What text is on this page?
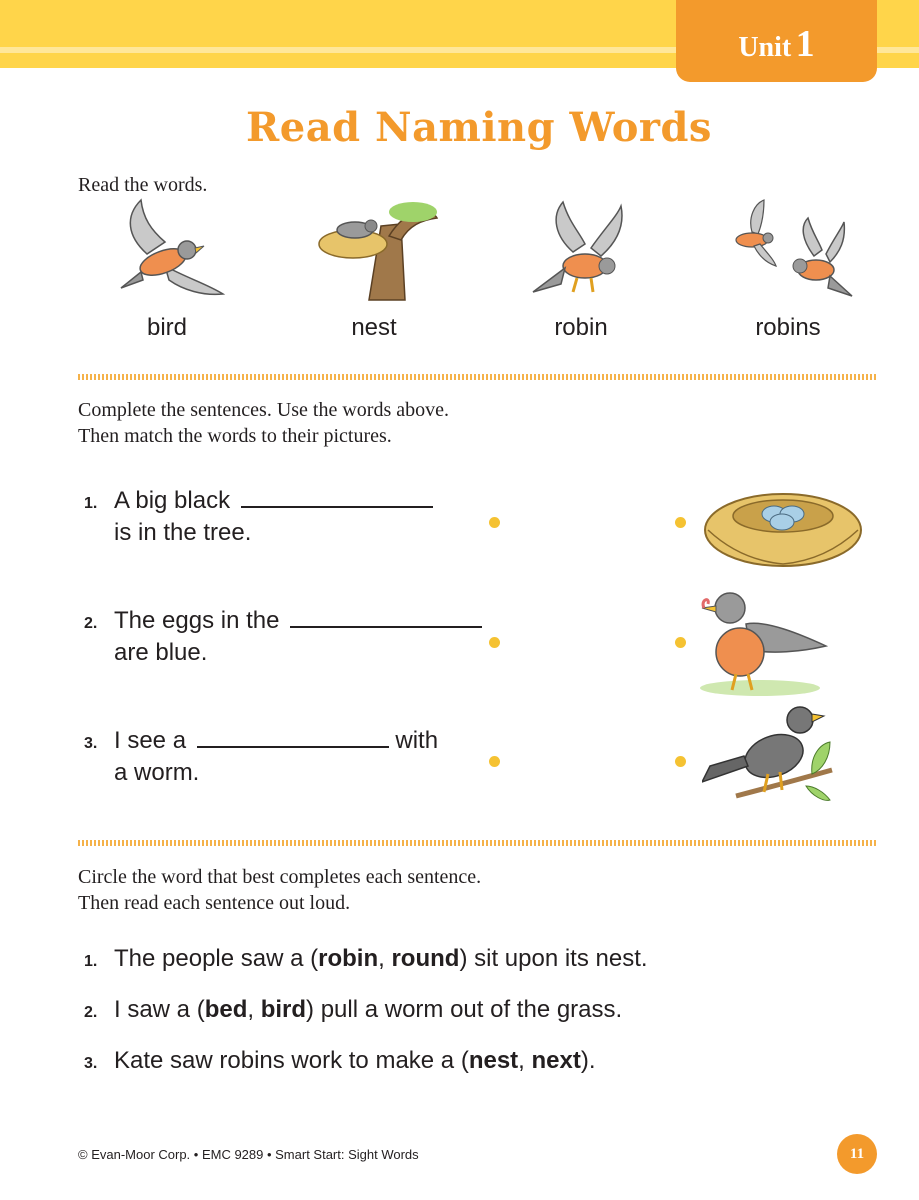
Unit 1
Read Naming Words
Read the words.
bird	nest	robin	robins
Complete the sentences. Use the words above.
Then match the words to their pictures.
1. A big black
is in the tree.
2. The eggs in the
are blue.
3. I see a	with
a worm.
Circle the word that best completes each sentence.
Then read each sentence out loud.
1. The people saw a (robin, round) sit upon its nest.
2. I saw a (bed, bird) pull a worm out of the grass.
3. Kate saw robins work to make a (nest, next).
© Evan-Moor Corp. • EMC 9289 • Smart Start: Sight Words	11
